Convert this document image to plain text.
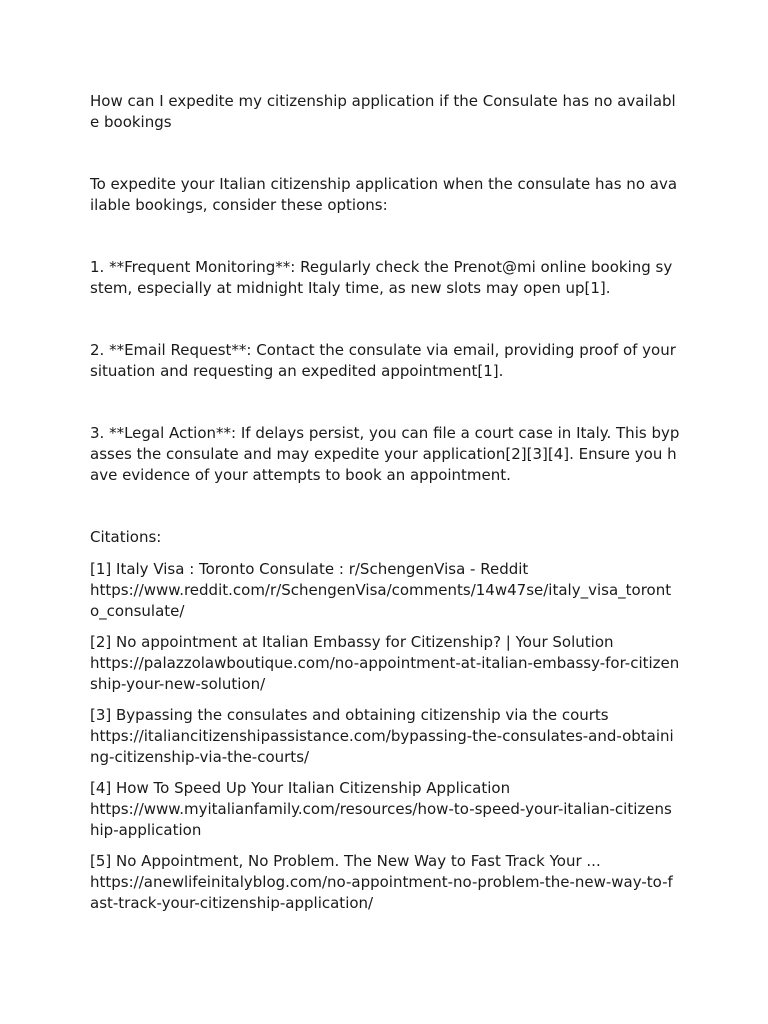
How can I expedite my citizenship application if the Consulate has no available bookings

To expedite your Italian citizenship application when the consulate has no available bookings, consider these options:

1. **Frequent Monitoring**: Regularly check the Prenot@mi online booking system, especially at midnight Italy time, as new slots may open up[1].

2. **Email Request**: Contact the consulate via email, providing proof of your situation and requesting an expedited appointment[1].

3. **Legal Action**: If delays persist, you can file a court case in Italy. This bypasses the consulate and may expedite your application[2][3][4]. Ensure you have evidence of your attempts to book an appointment.

Citations:

[1] Italy Visa : Toronto Consulate : r/SchengenVisa - Reddit
https://www.reddit.com/r/SchengenVisa/comments/14w47se/italy_visa_toronto_consulate/
[2] No appointment at Italian Embassy for Citizenship? | Your Solution
https://palazzolawboutique.com/no-appointment-at-italian-embassy-for-citizenship-your-new-solution/
[3] Bypassing the consulates and obtaining citizenship via the courts
https://italiancitizenshipassistance.com/bypassing-the-consulates-and-obtaining-citizenship-via-the-courts/
[4] How To Speed Up Your Italian Citizenship Application
https://www.myitalianfamily.com/resources/how-to-speed-your-italian-citizenship-application
[5] No Appointment, No Problem. The New Way to Fast Track Your ...
https://anewlifeinitalyblog.com/no-appointment-no-problem-the-new-way-to-fast-track-your-citizenship-application/
